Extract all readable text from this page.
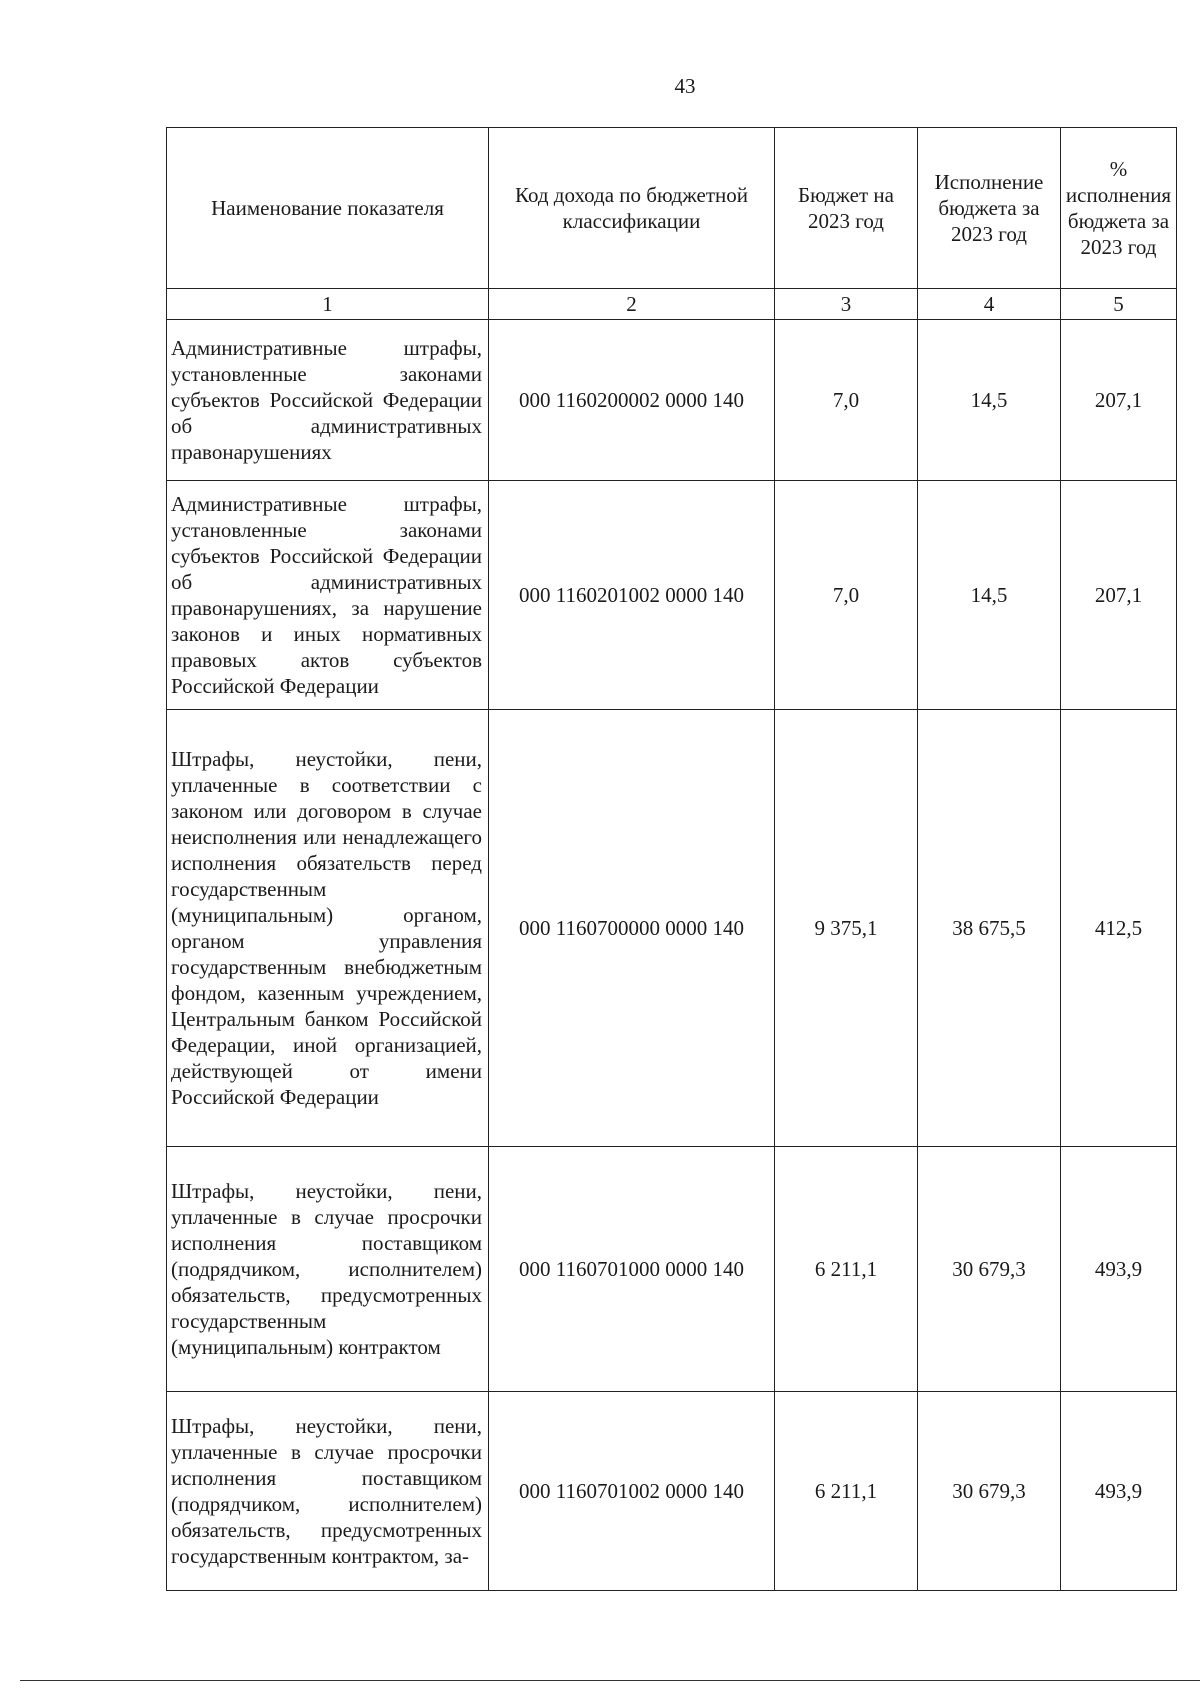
43
Наименование показателя	Код дохода по бюджетной классификации	Бюджет на 2023 год	Исполнение бюджета за 2023 год	% исполнения бюджета за 2023 год
1	2	3	4	5
Административные штрафы, установленные законами субъектов Российской Федерации об административных правонарушениях	000 1160200002 0000 140	7,0	14,5	207,1
Административные штрафы, установленные законами субъектов Российской Федерации об административных правонарушениях, за нарушение законов и иных нормативных правовых актов субъектов Российской Федерации	000 1160201002 0000 140	7,0	14,5	207,1
Штрафы, неустойки, пени, уплаченные в соответствии с законом или договором в случае неисполнения или ненадлежащего исполнения обязательств перед государственным (муниципальным) органом, органом управления государственным внебюджетным фондом, казенным учреждением, Центральным банком Российской Федерации, иной организацией, действующей от имени Российской Федерации	000 1160700000 0000 140	9 375,1	38 675,5	412,5
Штрафы, неустойки, пени, уплаченные в случае просрочки исполнения поставщиком (подрядчиком, исполнителем) обязательств, предусмотренных государственным (муниципальным) контрактом	000 1160701000 0000 140	6 211,1	30 679,3	493,9
Штрафы, неустойки, пени, уплаченные в случае просрочки исполнения поставщиком (подрядчиком, исполнителем) обязательств, предусмотренных государственным контрактом, за-	000 1160701002 0000 140	6 211,1	30 679,3	493,9
